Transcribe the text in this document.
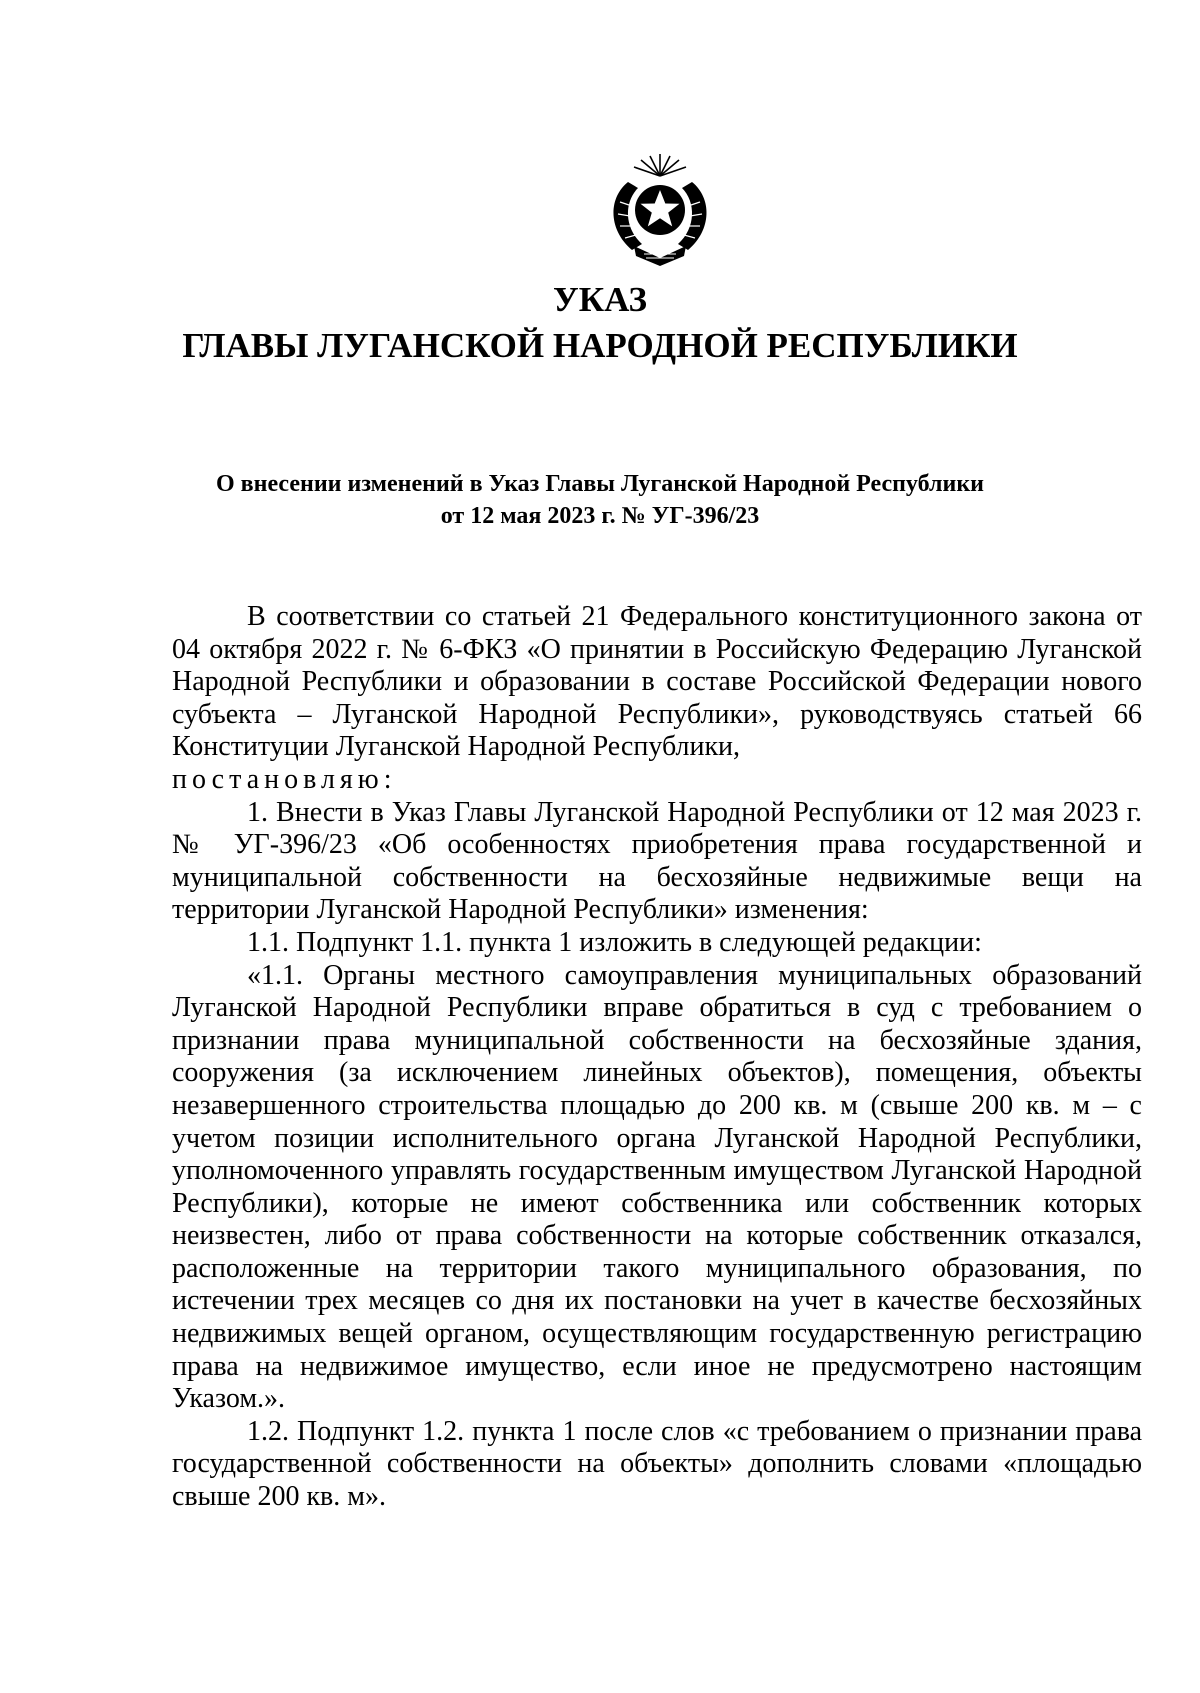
УКАЗ
ГЛАВЫ ЛУГАНСКОЙ НАРОДНОЙ РЕСПУБЛИКИ
О внесении изменений в Указ Главы Луганской Народной Республики
от 12 мая 2023 г. № УГ-396/23

В соответствии со статьей 21 Федерального конституционного закона от 04 октября 2022 г. № 6-ФКЗ «О принятии в Российскую Федерацию Луганской Народной Республики и образовании в составе Российской Федерации нового субъекта – Луганской Народной Республики», руководствуясь статьей 66 Конституции Луганской Народной Республики,

постановляю:

1. Внести в Указ Главы Луганской Народной Республики от 12 мая 2023 г. № УГ-396/23 «Об особенностях приобретения права государственной и муниципальной собственности на бесхозяйные недвижимые вещи на территории Луганской Народной Республики» изменения:

1.1. Подпункт 1.1. пункта 1 изложить в следующей редакции:

«1.1. Органы местного самоуправления муниципальных образований Луганской Народной Республики вправе обратиться в суд с требованием о признании права муниципальной собственности на бесхозяйные здания, сооружения (за исключением линейных объектов), помещения, объекты незавершенного строительства площадью до 200 кв. м (свыше 200 кв. м – с учетом позиции исполнительного органа Луганской Народной Республики, уполномоченного управлять государственным имуществом Луганской Народной Республики), которые не имеют собственника или собственник которых неизвестен, либо от права собственности на которые собственник отказался, расположенные на территории такого муниципального образования, по истечении трех месяцев со дня их постановки на учет в качестве бесхозяйных недвижимых вещей органом, осуществляющим государственную регистрацию права на недвижимое имущество, если иное не предусмотрено настоящим Указом.».

1.2. Подпункт 1.2. пункта 1 после слов «с требованием о признании права государственной собственности на объекты» дополнить словами «площадью свыше 200 кв. м».
